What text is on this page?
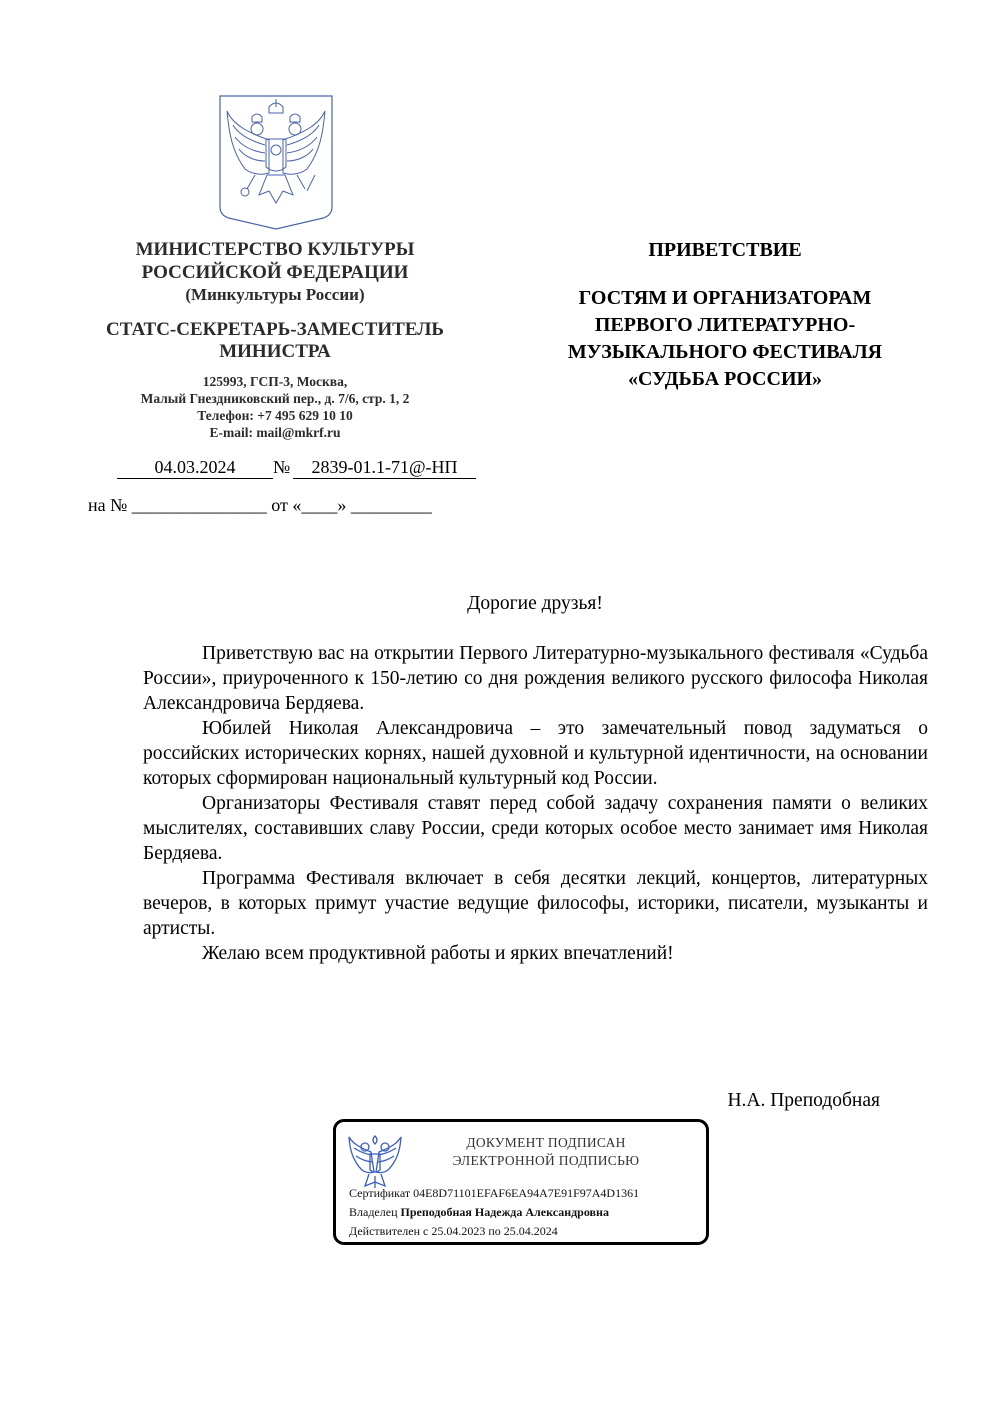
МИНИСТЕРСТВО КУЛЬТУРЫ
РОССИЙСКОЙ ФЕДЕРАЦИИ
(Минкультуры России)
СТАТС-СЕКРЕТАРЬ-ЗАМЕСТИТЕЛЬ
МИНИСТРА
125993, ГСП-3, Москва,
Малый Гнездниковский пер., д. 7/6, стр. 1, 2
Телефон: +7 495 629 10 10
E-mail: mail@mkrf.ru
04.03.2024	№	2839-01.1-71@-НП
на № _______________ от «____» _________
ПРИВЕТСТВИЕ
ГОСТЯМ И ОРГАНИЗАТОРАМ
ПЕРВОГО ЛИТЕРАТУРНО-
МУЗЫКАЛЬНОГО ФЕСТИВАЛЯ
«СУДЬБА РОССИИ»
Дорогие друзья!

Приветствую вас на открытии Первого Литературно-музыкального фестиваля «Судьба России», приуроченного к 150-летию со дня рождения великого русского философа Николая Александровича Бердяева.

Юбилей Николая Александровича – это замечательный повод задуматься о российских исторических корнях, нашей духовной и культурной идентичности, на основании которых сформирован национальный культурный код России.

Организаторы Фестиваля ставят перед собой задачу сохранения памяти о великих мыслителях, составивших славу России, среди которых особое место занимает имя Николая Бердяева.

Программа Фестиваля включает в себя десятки лекций, концертов, литературных вечеров, в которых примут участие ведущие философы, историки, писатели, музыканты и артисты.

Желаю всем продуктивной работы и ярких впечатлений!

Н.А. Преподобная
ДОКУМЕНТ ПОДПИСАН
ЭЛЕКТРОННОЙ ПОДПИСЬЮ
Сертификат 04E8D71101EFAF6EA94A7E91F97A4D1361
Владелец Преподобная Надежда Александровна
Действителен с 25.04.2023 по 25.04.2024
